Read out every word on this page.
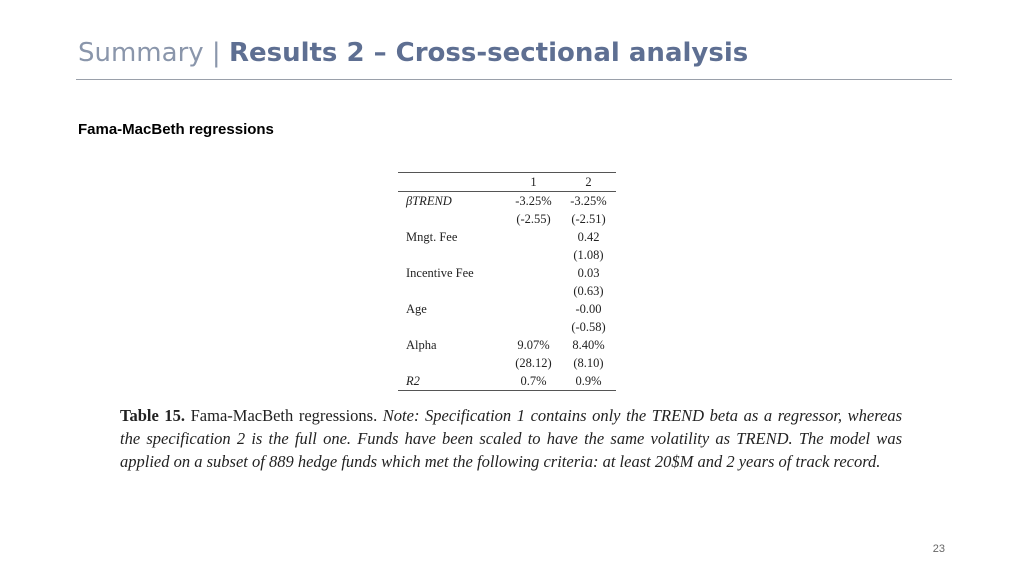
Summary | Results 2 – Cross-sectional analysis
Fama-MacBeth regressions
	1	2
βTREND	-3.25%	-3.25%
	(-2.55)	(-2.51)
Mngt. Fee		0.42
		(1.08)
Incentive Fee		0.03
		(0.63)
Age		-0.00
		(-0.58)
Alpha	9.07%	8.40%
	(28.12)	(8.10)
R2	0.7%	0.9%
Table 15. Fama-MacBeth regressions. Note: Specification 1 contains only the TREND beta as a regressor, whereas the specification 2 is the full one. Funds have been scaled to have the same volatility as TREND. The model was applied on a subset of 889 hedge funds which met the following criteria: at least 20$M and 2 years of track record.
23
